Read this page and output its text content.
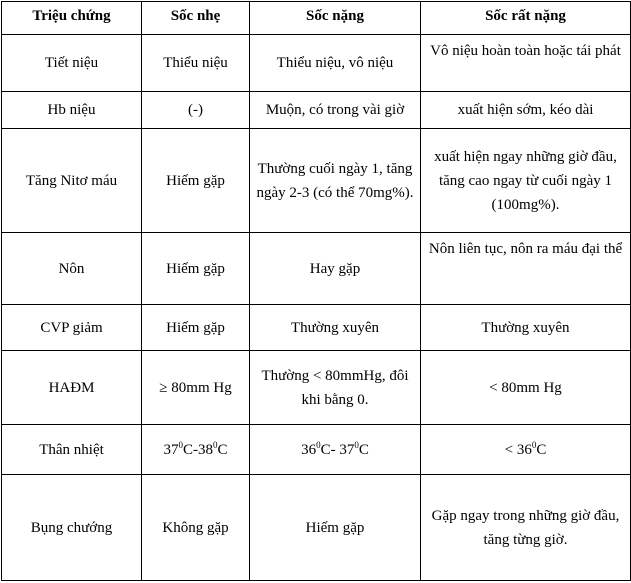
Triệu chứng	Sốc nhẹ	Sốc nặng	Sốc rất nặng
Tiết niệu	Thiểu niệu	Thiểu niệu, vô niệu	Vô niệu hoàn toàn hoặc tái phát
Hb niệu	(-)	Muộn, có trong vài giờ	xuất hiện sớm, kéo dài
Tăng Nitơ máu	Hiếm gặp	Thường cuối ngày 1, tăng ngày 2-3 (có thể 70mg%).	xuất hiện ngay những giờ đầu, tăng cao ngay từ cuối ngày 1 (100mg%).
Nôn	Hiếm gặp	Hay gặp	Nôn liên tục, nôn ra máu đại thể
CVP giảm	Hiếm gặp	Thường xuyên	Thường xuyên
HAĐM	≥ 80mm Hg	Thường < 80mmHg, đôi khi bằng 0.	< 80mm Hg
Thân nhiệt	$37^0C-38^0C$	$36^0C-$ $37^0C$	< $36^0C$
Bụng chướng	Không gặp	Hiếm gặp	Gặp ngay trong những giờ đầu, tăng từng giờ.
